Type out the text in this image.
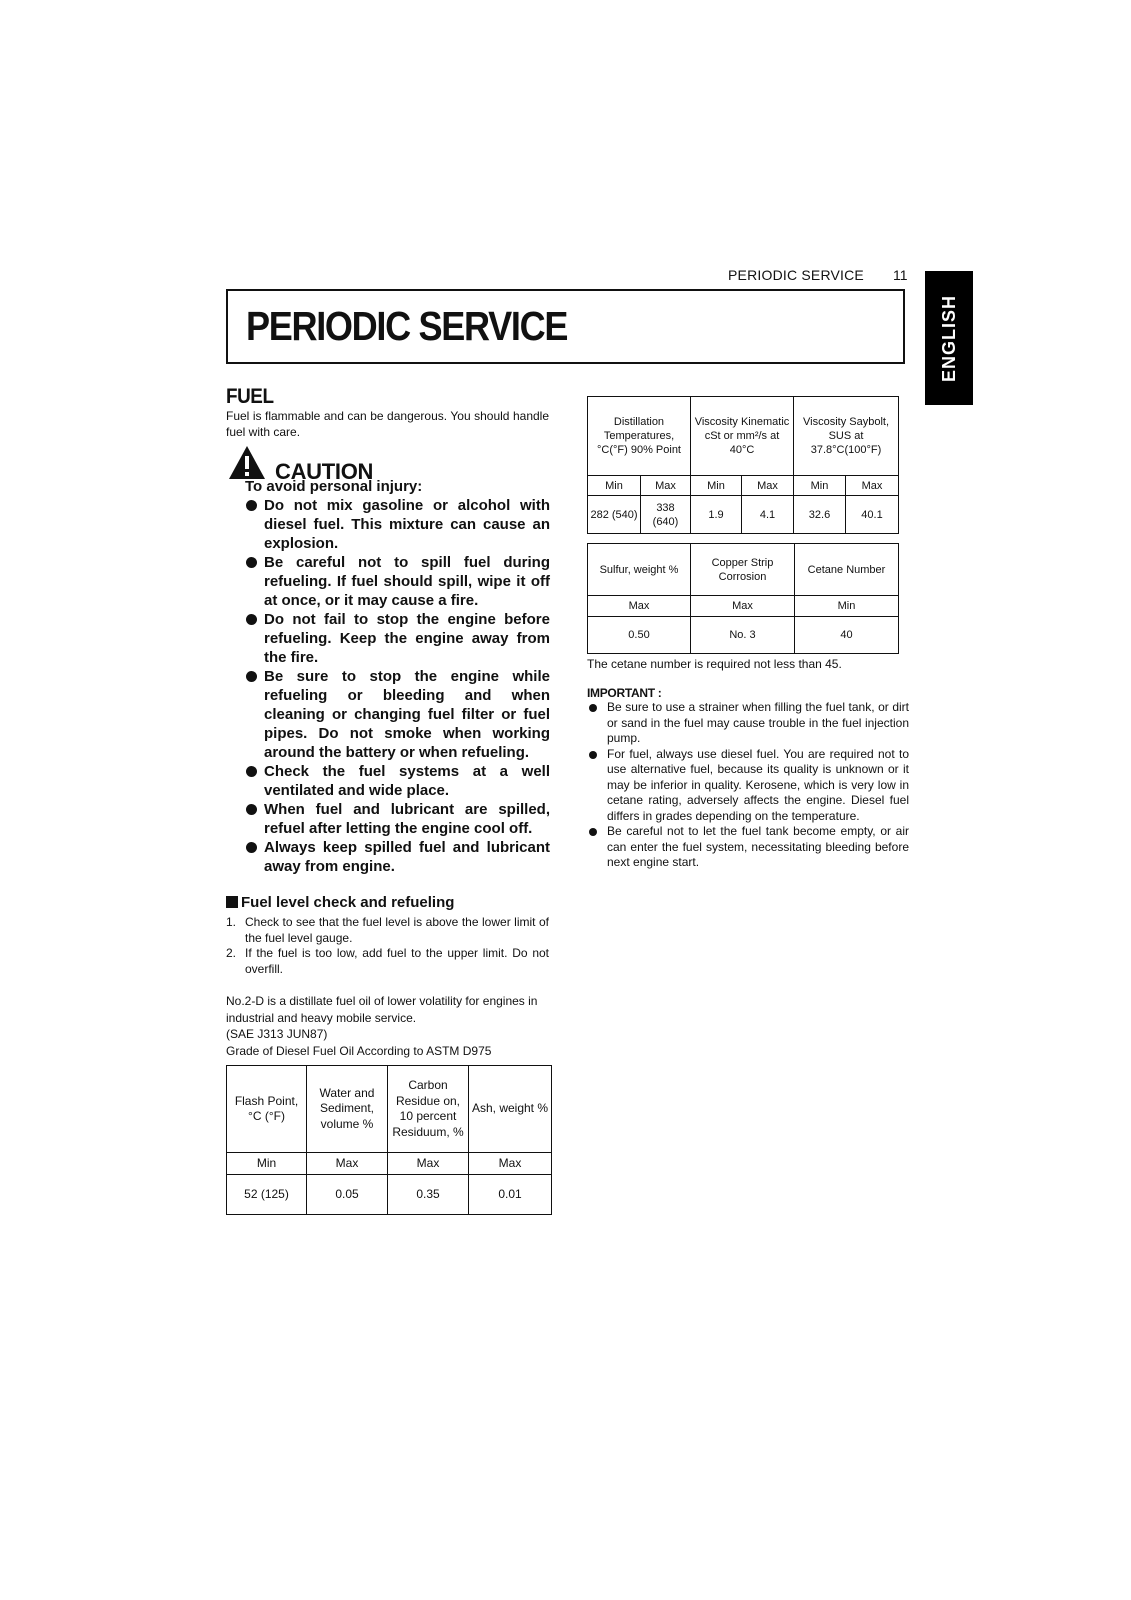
PERIODIC SERVICE 11
ENGLISH
PERIODIC SERVICE
FUEL
Fuel is flammable and can be dangerous. You should handle fuel with care.
CAUTION
To avoid personal injury:
Do not mix gasoline or alcohol with diesel fuel. This mixture can cause an explosion.
Be careful not to spill fuel during refueling. If fuel should spill, wipe it off at once, or it may cause a fire.
Do not fail to stop the engine before refueling. Keep the engine away from the fire.
Be sure to stop the engine while refueling or bleeding and when cleaning or changing fuel filter or fuel pipes. Do not smoke when working around the battery or when refueling.
Check the fuel systems at a well ventilated and wide place.
When fuel and lubricant are spilled, refuel after letting the engine cool off.
Always keep spilled fuel and lubricant away from engine.
Fuel level check and refueling
1. Check to see that the fuel level is above the lower limit of the fuel level gauge.
2. If the fuel is too low, add fuel to the upper limit. Do not overfill.
No.2-D is a distillate fuel oil of lower volatility for engines in industrial and heavy mobile service.
(SAE J313 JUN87)
Grade of Diesel Fuel Oil According to ASTM D975
Flash Point, °C (°F)	Water and Sediment, volume %	Carbon Residue on, 10 percent Residuum, %	Ash, weight %
Min	Max	Max	Max
52 (125)	0.05	0.35	0.01
Distillation Temperatures, °C(°F) 90% Point		Viscosity Kinematic cSt or mm²/s at 40°C		Viscosity Saybolt, SUS at 37.8°C(100°F)	
Min	Max	Min	Max	Min	Max
282 (540)	338 (640)	1.9	4.1	32.6	40.1
Sulfur, weight %	Copper Strip Corrosion	Cetane Number
Max	Max	Min
0.50	No. 3	40
The cetane number is required not less than 45.
IMPORTANT :
Be sure to use a strainer when filling the fuel tank, or dirt or sand in the fuel may cause trouble in the fuel injection pump.
For fuel, always use diesel fuel. You are required not to use alternative fuel, because its quality is unknown or it may be inferior in quality. Kerosene, which is very low in cetane rating, adversely affects the engine. Diesel fuel differs in grades depending on the temperature.
Be careful not to let the fuel tank become empty, or air can enter the fuel system, necessitating bleeding before next engine start.
